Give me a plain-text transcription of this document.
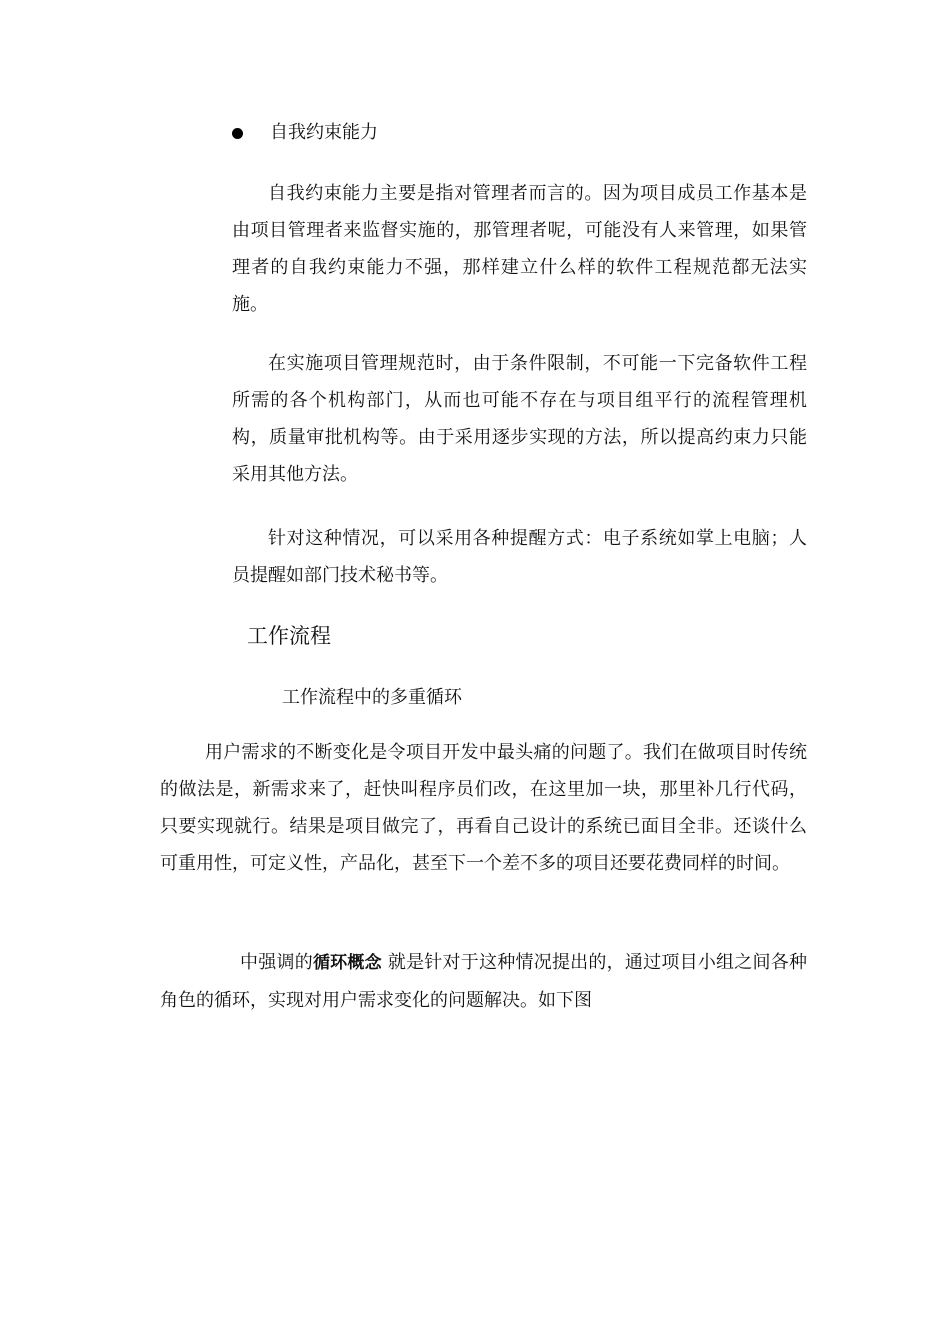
自我约束能力

自我约束能力主要是指对管理者而言的。因为项目成员工作基本是由项目管理者来监督实施的，那管理者呢，可能没有人来管理，如果管理者的自我约束能力不强，那样建立什么样的软件工程规范都无法实施。

在实施项目管理规范时，由于条件限制，不可能一下完备软件工程所需的各个机构部门，从而也可能不存在与项目组平行的流程管理机构，质量审批机构等。由于采用逐步实现的方法，所以提高约束力只能采用其他方法。

针对这种情况，可以采用各种提醒方式：电子系统如掌上电脑；人员提醒如部门技术秘书等。

工作流程
工作流程中的多重循环

用户需求的不断变化是令项目开发中最头痛的问题了。我们在做项目时传统的做法是，新需求来了，赶快叫程序员们改，在这里加一块，那里补几行代码，只要实现就行。结果是项目做完了，再看自己设计的系统已面目全非。还谈什么可重用性，可定义性，产品化，甚至下一个差不多的项目还要花费同样的时间。

中强调的循环概念 就是针对于这种情况提出的，通过项目小组之间各种角色的循环，实现对用户需求变化的问题解决。如下图
